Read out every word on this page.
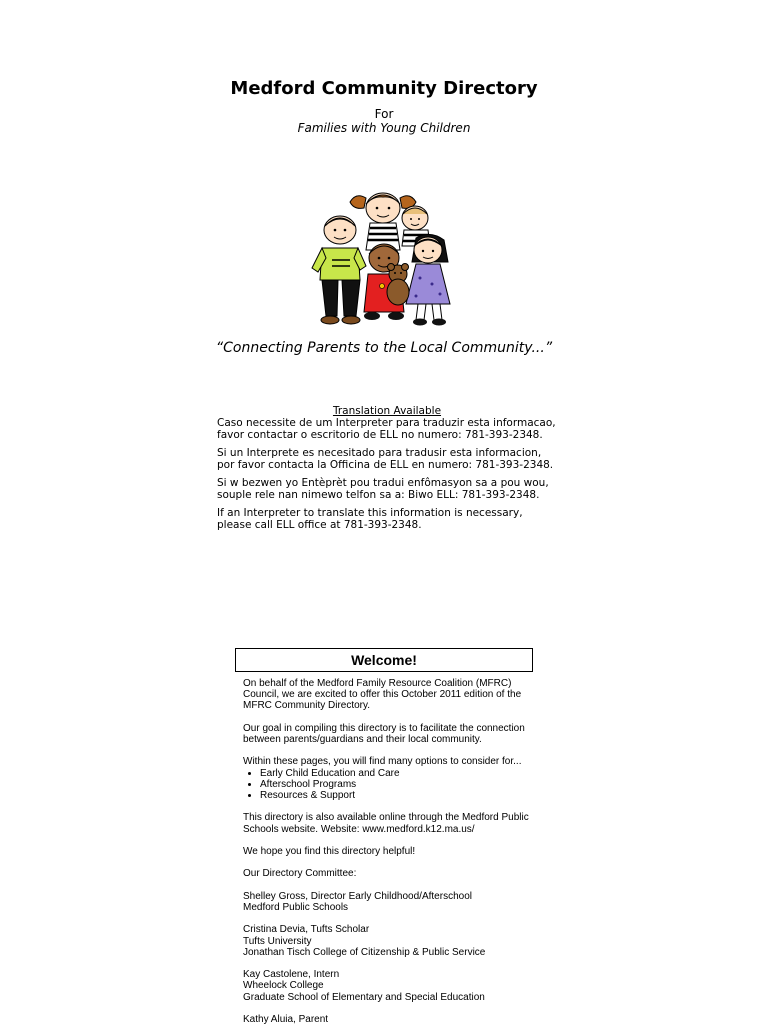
Medford Community Directory
For
Families with Young Children
“Connecting Parents to the Local Community...”
Translation Available

Caso necessite de um Interpreter para traduzir esta informacao, favor contactar o escritorio de ELL no numero: 781-393-2348.

Si un Interprete es necesitado para tradusir esta informacion, por favor contacta la Officina de ELL en numero: 781-393-2348.

Si w bezwen yo Entèprèt pou tradui enfômasyon sa a pou wou, souple rele nan nimewo telfon sa a: Biwo ELL: 781-393-2348.

If an Interpreter to translate this information is necessary, please call ELL office at 781-393-2348.

Welcome!

On behalf of the Medford Family Resource Coalition (MFRC) Council, we are excited to offer this October 2011 edition of the MFRC Community Directory.

Our goal in compiling this directory is to facilitate the connection between parents/guardians and their local community.

Within these pages, you will find many options to consider for...
• Early Child Education and Care
• Afterschool Programs
• Resources & Support

This directory is also available online through the Medford Public Schools website. Website: www.medford.k12.ma.us/

We hope you find this directory helpful!

Our Directory Committee:

Shelley Gross, Director Early Childhood/Afterschool
Medford Public Schools
Cristina Devia, Tufts Scholar
Tufts University
Jonathan Tisch College of Citizenship & Public Service
Kay Castolene, Intern
Wheelock College
Graduate School of Elementary and Special Education
Kathy Aluia, Parent
